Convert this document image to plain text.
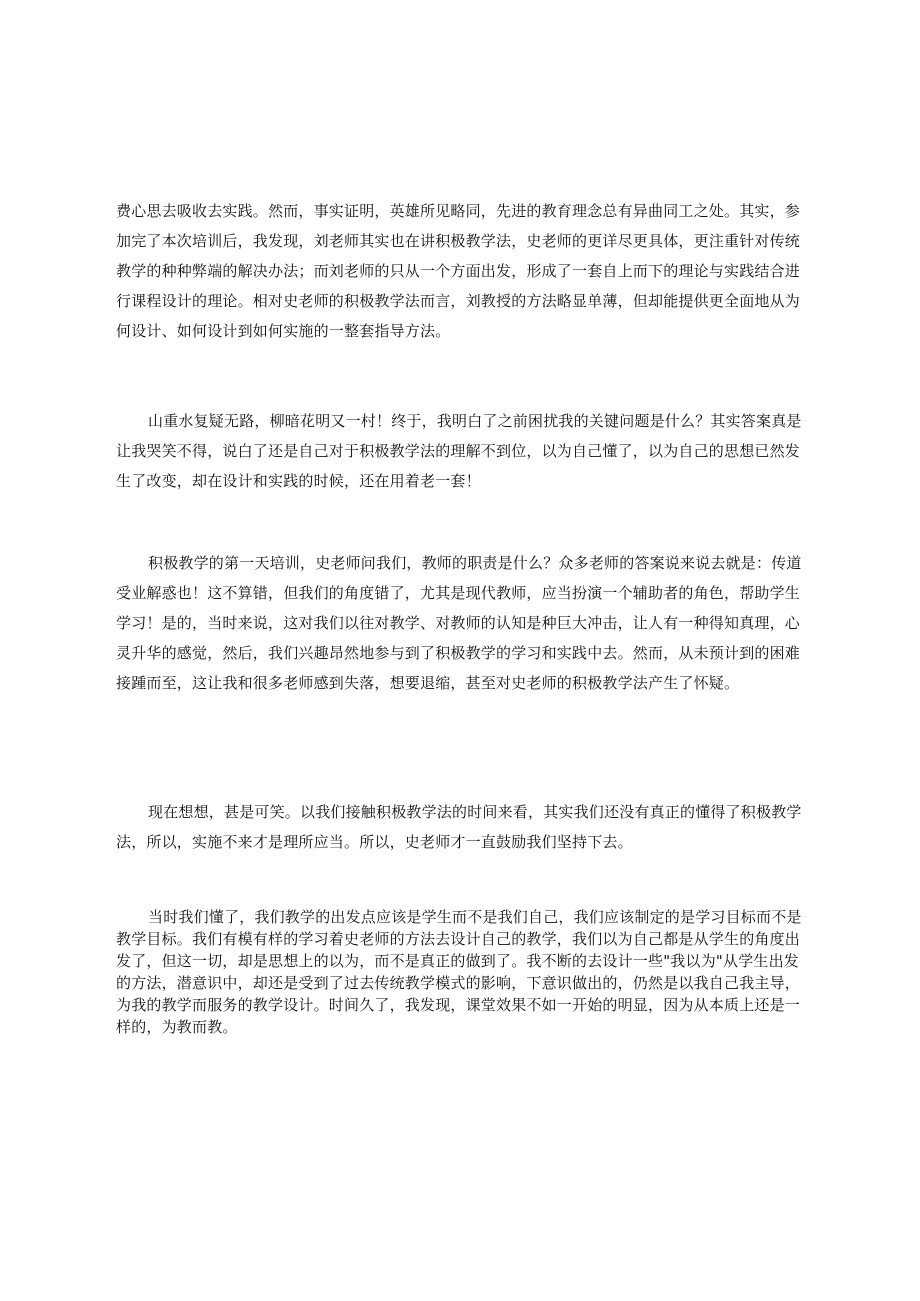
费心思去吸收去实践。然而，事实证明，英雄所见略同，先进的教育理念总有异曲同工之处。其实，参加完了本次培训后，我发现，刘老师其实也在讲积极教学法，史老师的更详尽更具体，更注重针对传统教学的种种弊端的解决办法；而刘老师的只从一个方面出发，形成了一套自上而下的理论与实践结合进行课程设计的理论。相对史老师的积极教学法而言，刘教授的方法略显单薄，但却能提供更全面地从为何设计、如何设计到如何实施的一整套指导方法。

山重水复疑无路，柳暗花明又一村！终于，我明白了之前困扰我的关键问题是什么？其实答案真是让我哭笑不得，说白了还是自己对于积极教学法的理解不到位，以为自己懂了，以为自己的思想已然发生了改变，却在设计和实践的时候，还在用着老一套！

积极教学的第一天培训，史老师问我们，教师的职责是什么？众多老师的答案说来说去就是：传道受业解惑也！这不算错，但我们的角度错了，尤其是现代教师，应当扮演一个辅助者的角色，帮助学生学习！是的，当时来说，这对我们以往对教学、对教师的认知是种巨大冲击，让人有一种得知真理，心灵升华的感觉，然后，我们兴趣昂然地参与到了积极教学的学习和实践中去。然而，从未预计到的困难接踵而至，这让我和很多老师感到失落，想要退缩，甚至对史老师的积极教学法产生了怀疑。

现在想想，甚是可笑。以我们接触积极教学法的时间来看，其实我们还没有真正的懂得了积极教学法，所以，实施不来才是理所应当。所以，史老师才一直鼓励我们坚持下去。

当时我们懂了，我们教学的出发点应该是学生而不是我们自己，我们应该制定的是学习目标而不是教学目标。我们有模有样的学习着史老师的方法去设计自己的教学，我们以为自己都是从学生的角度出发了，但这一切，却是思想上的以为，而不是真正的做到了。我不断的去设计一些"我以为"从学生出发的方法，潜意识中，却还是受到了过去传统教学模式的影响，下意识做出的，仍然是以我自己我主导，为我的教学而服务的教学设计。时间久了，我发现，课堂效果不如一开始的明显，因为从本质上还是一样的，为教而教。
